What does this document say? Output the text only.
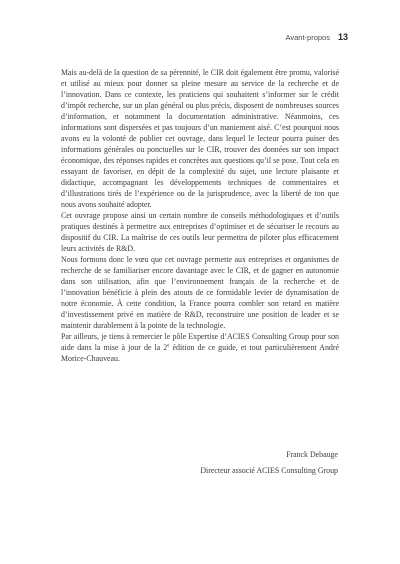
Avant-propos 13

Mais au-delà de la question de sa pérennité, le CIR doit également être promu, valorisé et utilisé au mieux pour donner sa pleine mesure au service de la recherche et de l’innovation. Dans ce contexte, les praticiens qui souhaitent s’informer sur le crédit d’impôt recherche, sur un plan général ou plus précis, disposent de nombreuses sources d’information, et notamment la documentation administrative. Néanmoins, ces informations sont dispersées et pas toujours d’un maniement aisé. C’est pourquoi nous avons eu la volonté de publier cet ouvrage, dans lequel le lecteur pourra puiser des informations générales ou ponctuelles sur le CIR, trouver des données sur son impact économique, des réponses rapides et concrètes aux questions qu’il se pose. Tout cela en essayant de favoriser, en dépit de la complexité du sujet, une lecture plaisante et didactique, accompagnant les développements techniques de commentaires et d’illustrations tirés de l’expérience ou de la jurisprudence, avec la liberté de ton que nous avons souhaité adopter.

Cet ouvrage propose ainsi un certain nombre de conseils méthodologiques et d’outils pratiques destinés à permettre aux entreprises d’optimiser et de sécuriser le recours au dispositif du CIR. La maîtrise de ces outils leur permettra de piloter plus efficacement leurs activités de R&D.

Nous formons donc le vœu que cet ouvrage permette aux entreprises et organismes de recherche de se familiariser encore davantage avec le CIR, et de gagner en autonomie dans son utilisation, afin que l’environnement français de la recherche et de l’innovation bénéficie à plein des atouts de ce formidable levier de dynamisation de notre économie. À cette condition, la France pourra combler son retard en matière d’investissement privé en matière de R&D, reconstruire une position de leader et se maintenir durablement à la pointe de la technologie.

Par ailleurs, je tiens à remercier le pôle Expertise d’ACIES Consulting Group pour son aide dans la mise à jour de la 2e édition de ce guide, et tout particulièrement André Morice-Chauveau.

Franck Debauge
Directeur associé ACIES Consulting Group
